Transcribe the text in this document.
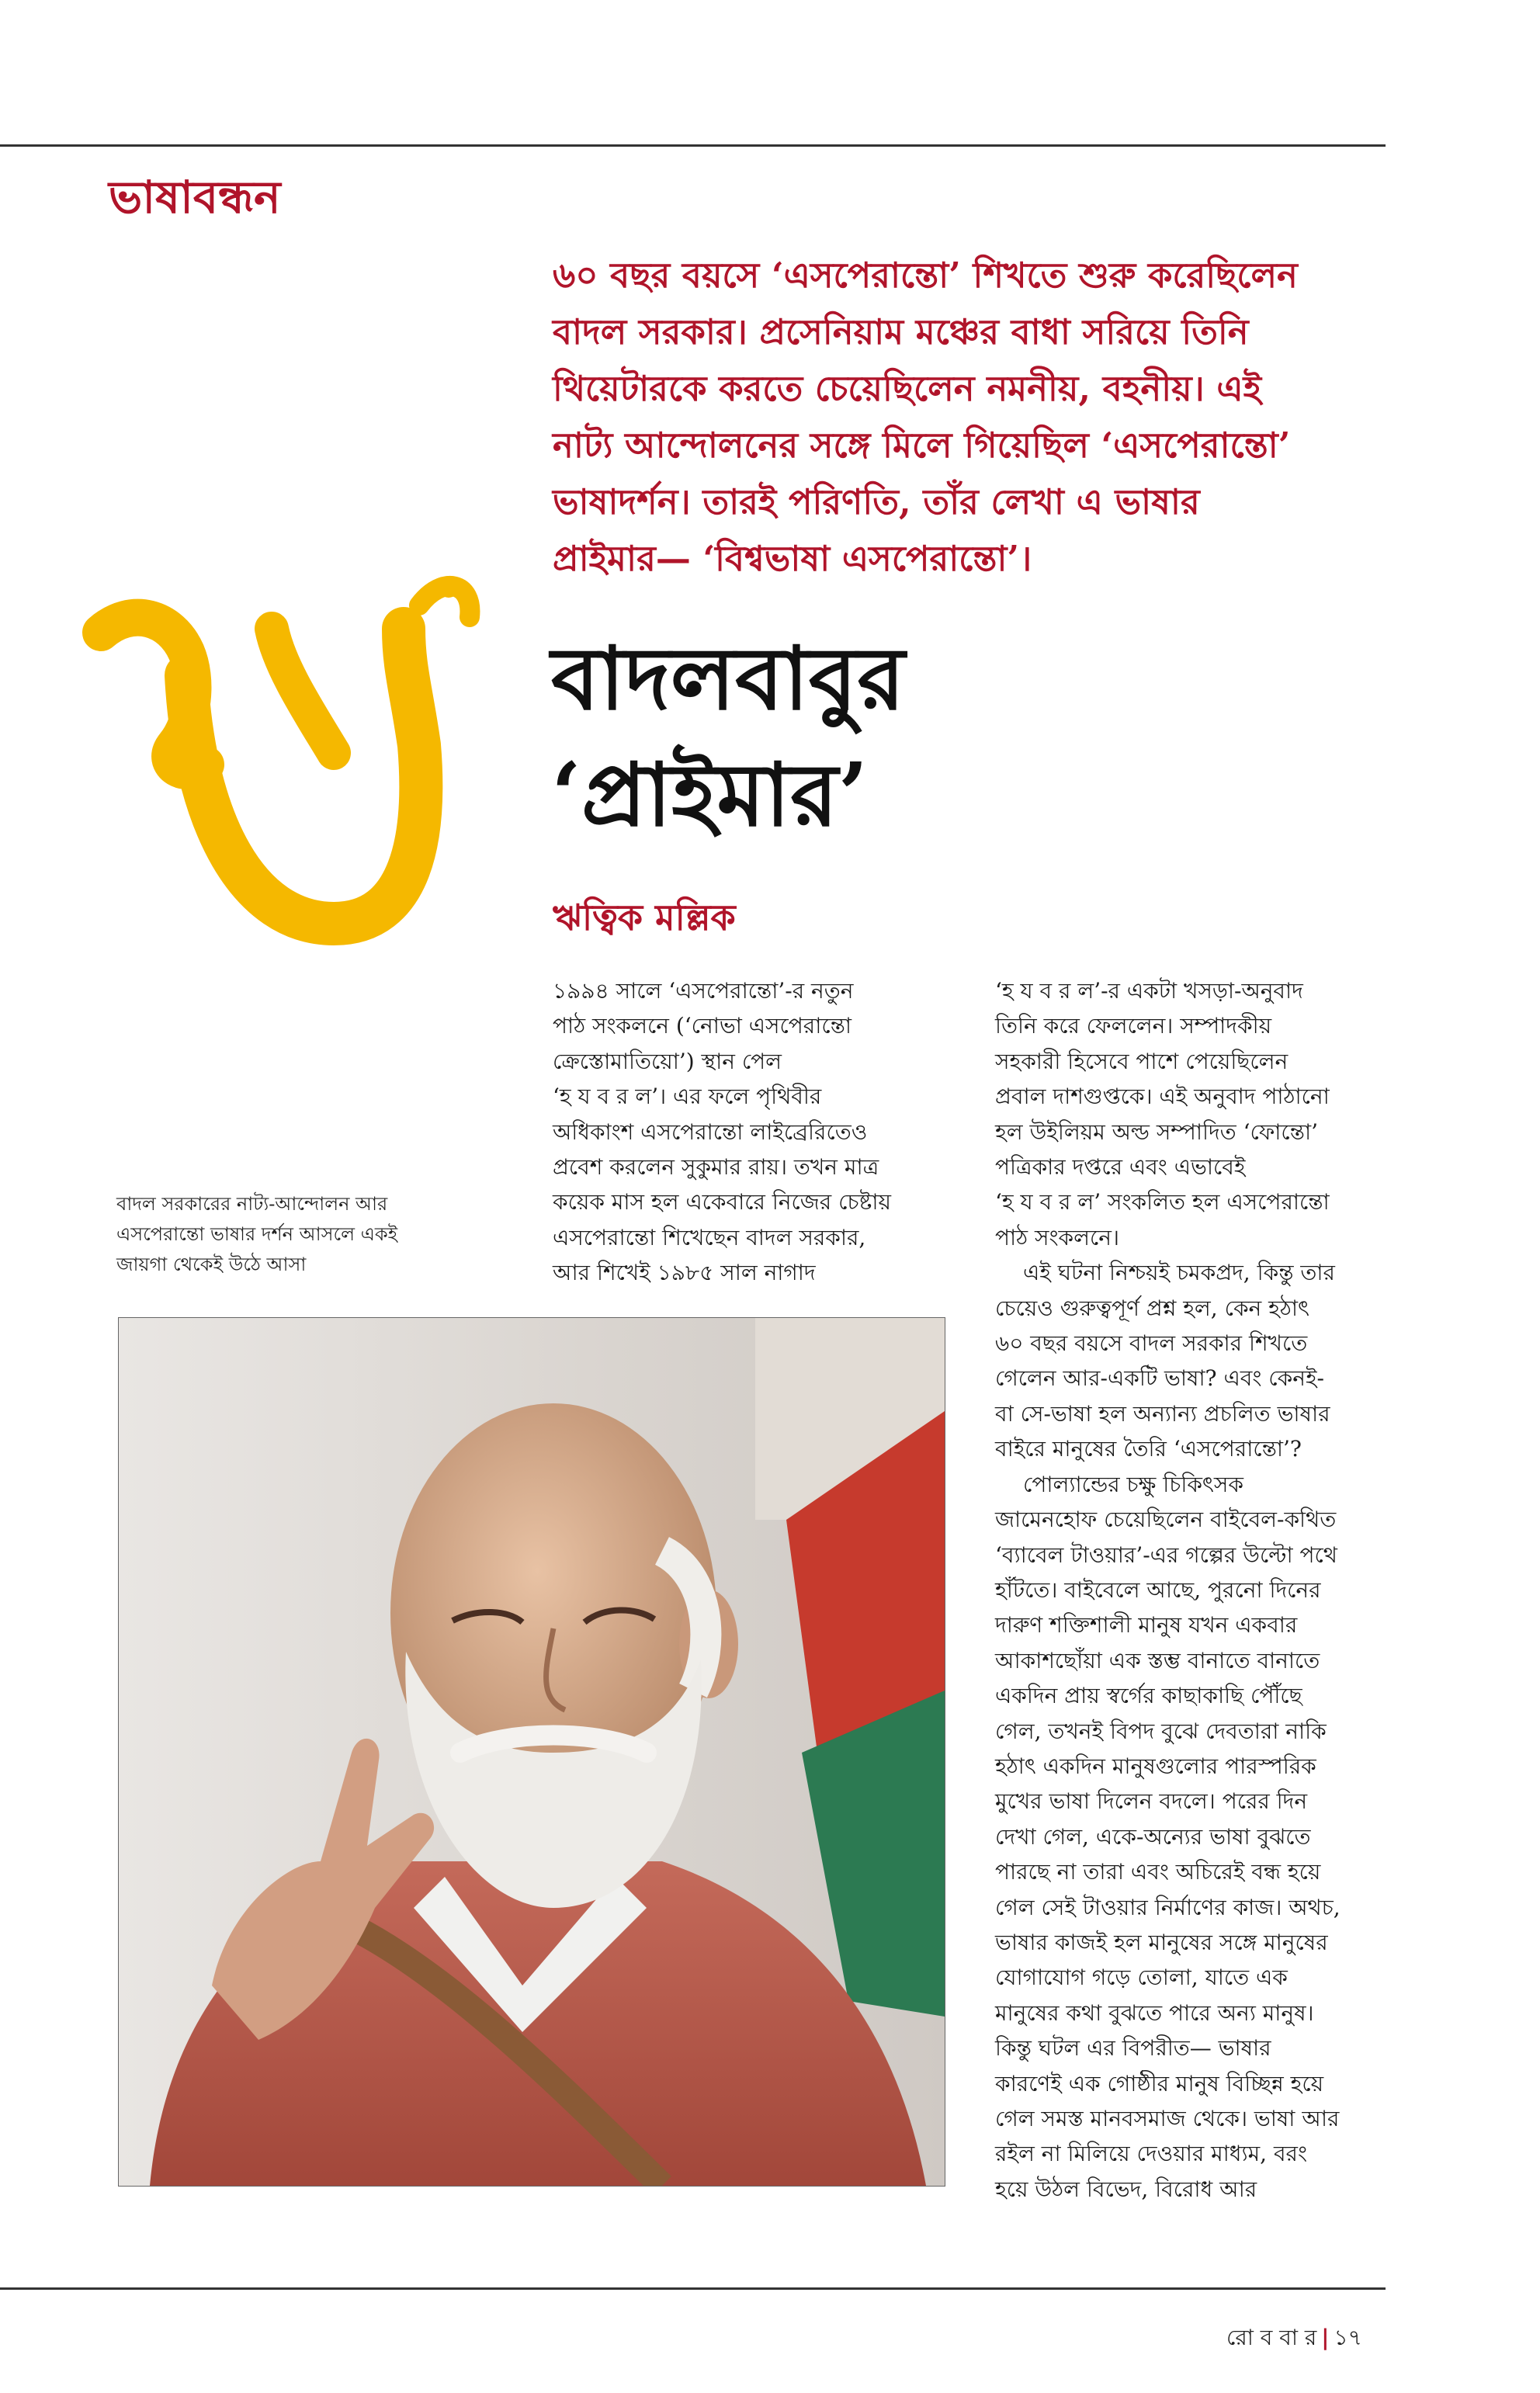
ভাষাবন্ধন
৬০ বছর বয়সে ‘এসপেরান্তো’ শিখতে শুরু করেছিলেন
বাদল সরকার। প্রসেনিয়াম মঞ্চের বাধা সরিয়ে তিনি
থিয়েটারকে করতে চেয়েছিলেন নমনীয়, বহনীয়। এই
নাট্য আন্দোলনের সঙ্গে মিলে গিয়েছিল ‘এসপেরান্তো’
ভাষাদর্শন। তারই পরিণতি, তাঁর লেখা এ ভাষার
প্রাইমার— ‘বিশ্বভাষা এসপেরান্তো’।
বাদলবাবুর
‘প্রাইমার’
ঋত্বিক মল্লিক
১৯৯৪ সালে ‘এসপেরান্তো’-র নতুন
পাঠ সংকলনে (‘নোভা এসপেরান্তো
ক্রেস্তোমাতিয়ো’) স্থান পেল
‘হ য ব র ল’। এর ফলে পৃথিবীর
অধিকাংশ এসপেরান্তো লাইব্রেরিতেও
প্রবেশ করলেন সুকুমার রায়। তখন মাত্র
কয়েক মাস হল একেবারে নিজের চেষ্টায়
এসপেরান্তো শিখেছেন বাদল সরকার,
আর শিখেই ১৯৮৫ সাল নাগাদ
‘হ য ব র ল’-র একটা খসড়া-অনুবাদ
তিনি করে ফেললেন। সম্পাদকীয়
সহকারী হিসেবে পাশে পেয়েছিলেন
প্রবাল দাশগুপ্তকে। এই অনুবাদ পাঠানো
হল উইলিয়ম অল্ড সম্পাদিত ‘ফোন্তো’
পত্রিকার দপ্তরে এবং এভাবেই
‘হ য ব র ল’ সংকলিত হল এসপেরান্তো
পাঠ সংকলনে।
এই ঘটনা নিশ্চয়ই চমকপ্রদ, কিন্তু তার
চেয়েও গুরুত্বপূর্ণ প্রশ্ন হল, কেন হঠাৎ
৬০ বছর বয়সে বাদল সরকার শিখতে
গেলেন আর-একটি ভাষা? এবং কেনই-
বা সে-ভাষা হল অন্যান্য প্রচলিত ভাষার
বাইরে মানুষের তৈরি ‘এসপেরান্তো’?
পোল্যান্ডের চক্ষু চিকিৎসক
জামেনহোফ চেয়েছিলেন বাইবেল-কথিত
‘ব্যাবেল টাওয়ার’-এর গল্পের উল্টো পথে
হাঁটতে। বাইবেলে আছে, পুরনো দিনের
দারুণ শক্তিশালী মানুষ যখন একবার
আকাশছোঁয়া এক স্তম্ভ বানাতে বানাতে
একদিন প্রায় স্বর্গের কাছাকাছি পৌঁছে
গেল, তখনই বিপদ বুঝে দেবতারা নাকি
হঠাৎ একদিন মানুষগুলোর পারস্পরিক
মুখের ভাষা দিলেন বদলে। পরের দিন
দেখা গেল, একে-অন্যের ভাষা বুঝতে
পারছে না তারা এবং অচিরেই বন্ধ হয়ে
গেল সেই টাওয়ার নির্মাণের কাজ। অথচ,
ভাষার কাজই হল মানুষের সঙ্গে মানুষের
যোগাযোগ গড়ে তোলা, যাতে এক
মানুষের কথা বুঝতে পারে অন্য মানুষ।
কিন্তু ঘটল এর বিপরীত— ভাষার
কারণেই এক গোষ্ঠীর মানুষ বিচ্ছিন্ন হয়ে
গেল সমস্ত মানবসমাজ থেকে। ভাষা আর
রইল না মিলিয়ে দেওয়ার মাধ্যম, বরং
হয়ে উঠল বিভেদ, বিরোধ আর
বাদল সরকারের নাট্য-আন্দোলন আর
এসপেরান্তো ভাষার দর্শন আসলে একই
জায়গা থেকেই উঠে আসা
রো ব বা র | ১৭
